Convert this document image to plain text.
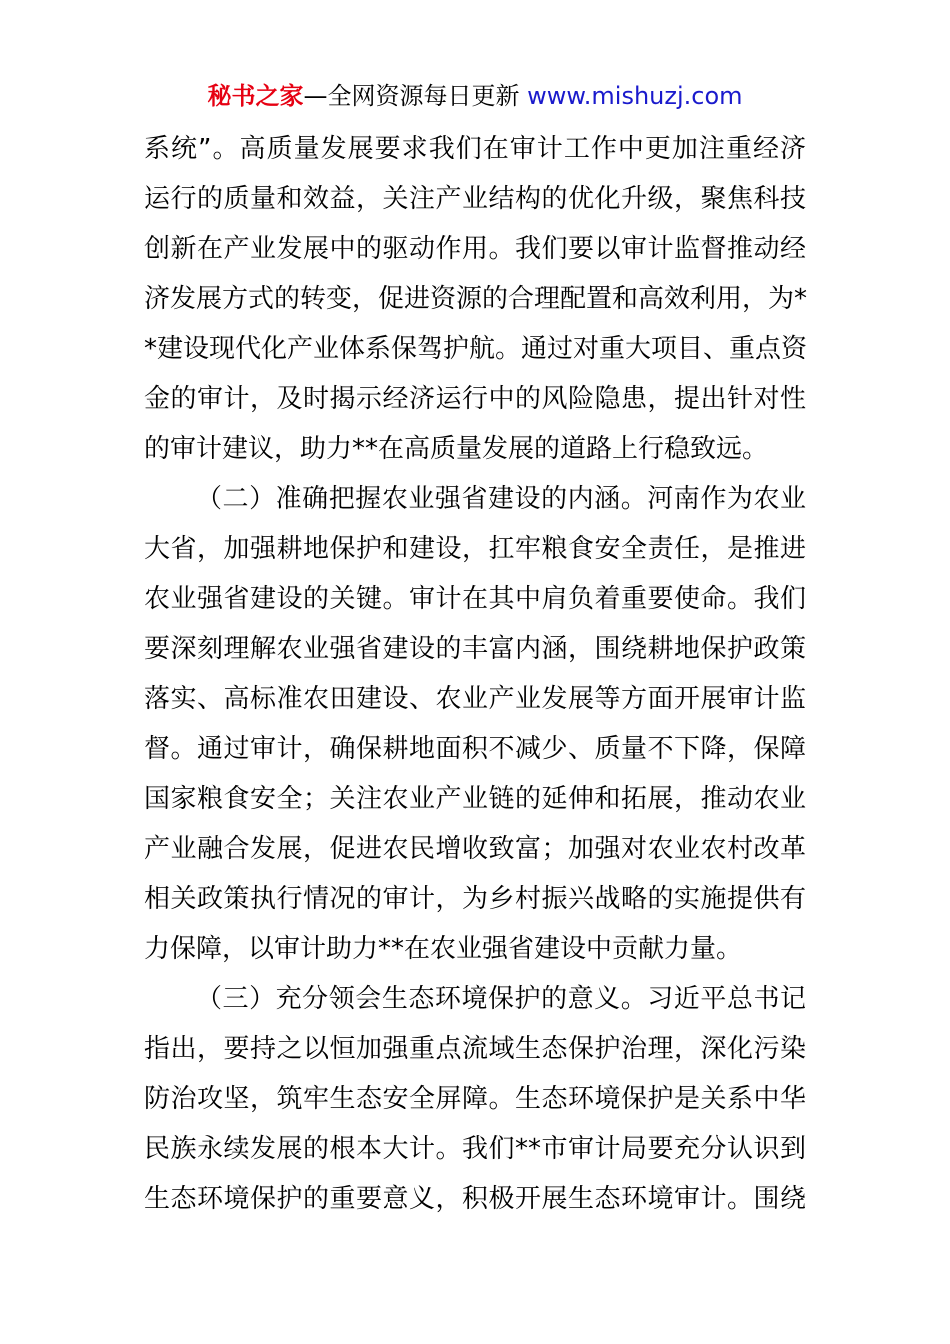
秘书之家—全网资源每日更新 www.mishuzj.com
系统”。高质量发展要求我们在审计工作中更加注重经济
运行的质量和效益，关注产业结构的优化升级，聚焦科技
创新在产业发展中的驱动作用。我们要以审计监督推动经
济发展方式的转变，促进资源的合理配置和高效利用，为*
*建设现代化产业体系保驾护航。通过对重大项目、重点资
金的审计，及时揭示经济运行中的风险隐患，提出针对性
的审计建议，助力**在高质量发展的道路上行稳致远。
（二）准确把握农业强省建设的内涵。河南作为农业
大省，加强耕地保护和建设，扛牢粮食安全责任，是推进
农业强省建设的关键。审计在其中肩负着重要使命。我们
要深刻理解农业强省建设的丰富内涵，围绕耕地保护政策
落实、高标准农田建设、农业产业发展等方面开展审计监
督。通过审计，确保耕地面积不减少、质量不下降，保障
国家粮食安全；关注农业产业链的延伸和拓展，推动农业
产业融合发展，促进农民增收致富；加强对农业农村改革
相关政策执行情况的审计，为乡村振兴战略的实施提供有
力保障，以审计助力**在农业强省建设中贡献力量。
（三）充分领会生态环境保护的意义。习近平总书记
指出，要持之以恒加强重点流域生态保护治理，深化污染
防治攻坚，筑牢生态安全屏障。生态环境保护是关系中华
民族永续发展的根本大计。我们**市审计局要充分认识到
生态环境保护的重要意义，积极开展生态环境审计。围绕
